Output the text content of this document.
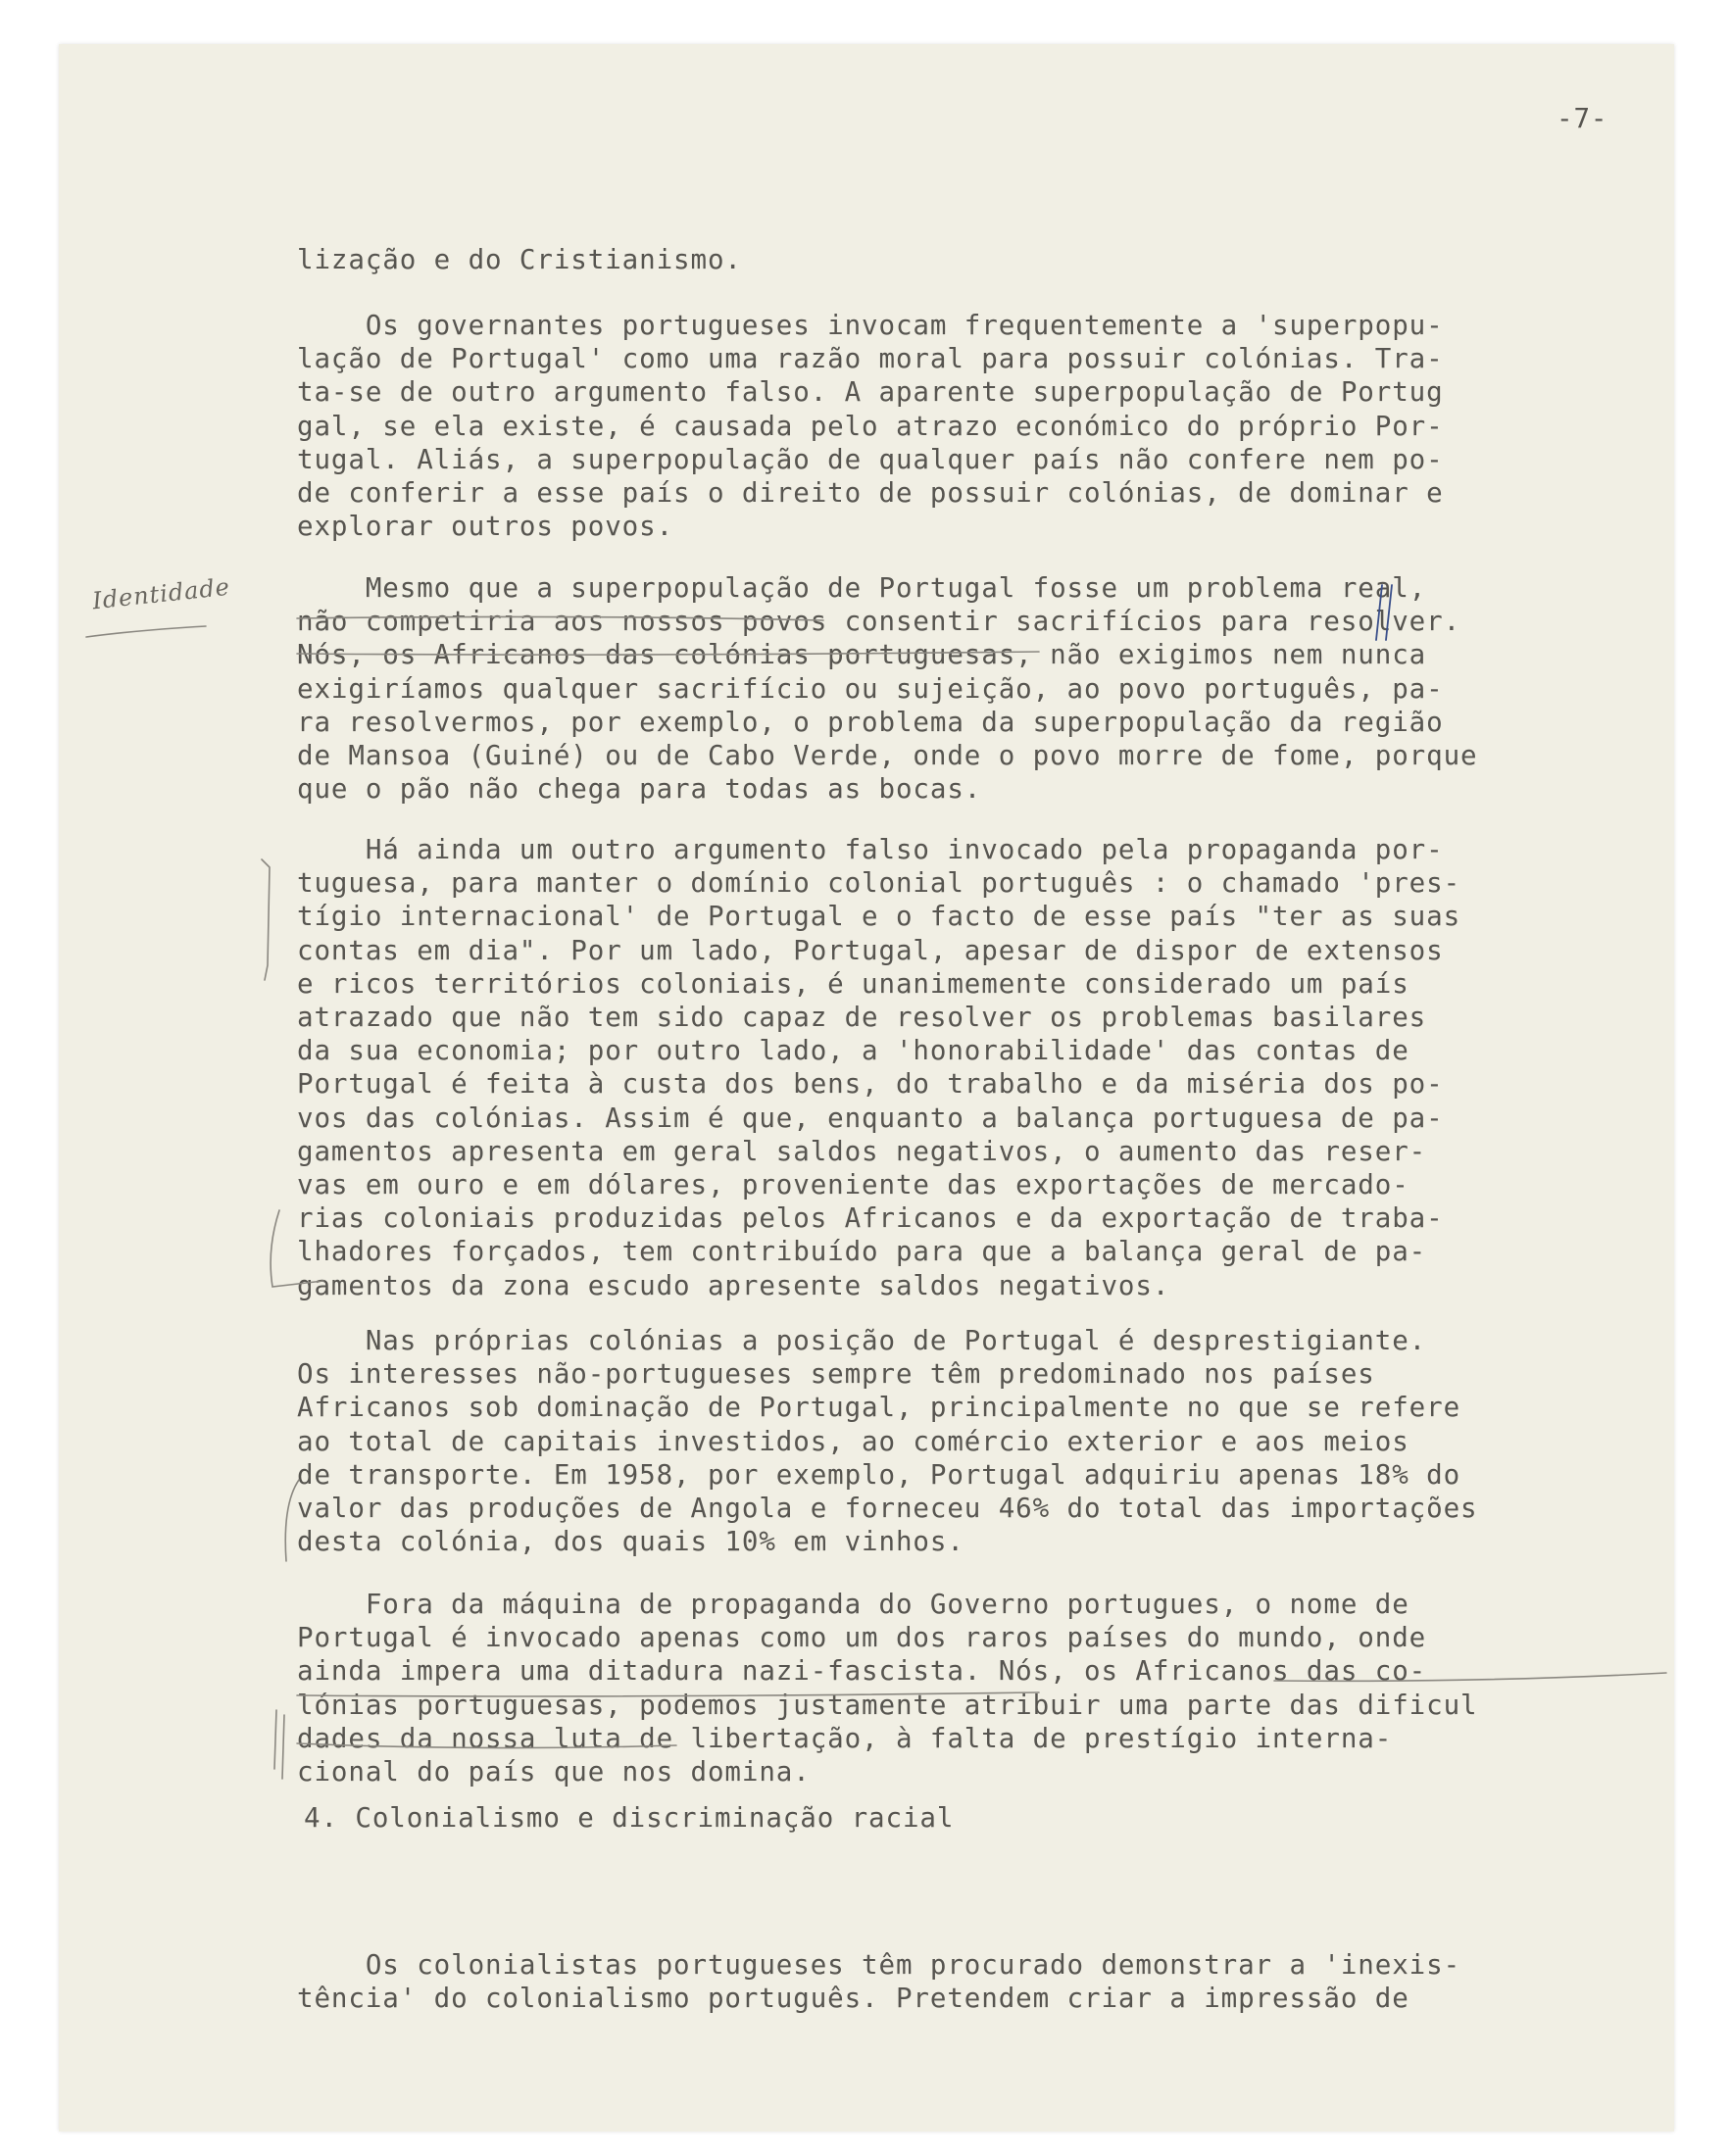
-7-

lização e do Cristianismo.

Os governantes portugueses invocam frequentemente a 'superpopu-
lação de Portugal' como uma razão moral para possuir colónias. Tra-
ta-se de outro argumento falso. A aparente superpopulação de Portug
gal, se ela existe, é causada pelo atrazo económico do próprio Por-
tugal. Aliás, a superpopulação de qualquer país não confere nem po-
de conferir a esse país o direito de possuir colónias, de dominar e
explorar outros povos.

Mesmo que a superpopulação de Portugal fosse um problema real,
não competiria aos nossos povos consentir sacrifícios para resolver.
Nós, os Africanos das colónias portuguesas, não exigimos nem nunca
exigiríamos qualquer sacrifício ou sujeição, ao povo português, pa-
ra resolvermos, por exemplo, o problema da superpopulação da região
de Mansoa (Guiné) ou de Cabo Verde, onde o povo morre de fome, porque
que o pão não chega para todas as bocas.

Há ainda um outro argumento falso invocado pela propaganda por-
tuguesa, para manter o domínio colonial português : o chamado 'pres-
tígio internacional' de Portugal e o facto de esse país "ter as suas
contas em dia". Por um lado, Portugal, apesar de dispor de extensos
e ricos territórios coloniais, é unanimemente considerado um país
atrazado que não tem sido capaz de resolver os problemas basilares
da sua economia; por outro lado, a 'honorabilidade' das contas de
Portugal é feita à custa dos bens, do trabalho e da miséria dos po-
vos das colónias. Assim é que, enquanto a balança portuguesa de pa-
gamentos apresenta em geral saldos negativos, o aumento das reser-
vas em ouro e em dólares, proveniente das exportações de mercado-
rias coloniais produzidas pelos Africanos e da exportação de traba-
lhadores forçados, tem contribuído para que a balança geral de pa-
gamentos da zona escudo apresente saldos negativos.

Nas próprias colónias a posição de Portugal é desprestigiante.
Os interesses não-portugueses sempre têm predominado nos países
Africanos sob dominação de Portugal, principalmente no que se refere
ao total de capitais investidos, ao comércio exterior e aos meios
de transporte. Em 1958, por exemplo, Portugal adquiriu apenas 18% do
valor das produções de Angola e forneceu 46% do total das importações
desta colónia, dos quais 10% em vinhos.

Fora da máquina de propaganda do Governo portugues, o nome de
Portugal é invocado apenas como um dos raros países do mundo, onde
ainda impera uma ditadura nazi-fascista. Nós, os Africanos das co-
lónias portuguesas, podemos justamente atribuir uma parte das dificul
dades da nossa luta de libertação, à falta de prestígio interna-
cional do país que nos domina.

4. Colonialismo e discriminação racial

Os colonialistas portugueses têm procurado demonstrar a 'inexis-
tência' do colonialismo português. Pretendem criar a impressão de

Identidade
